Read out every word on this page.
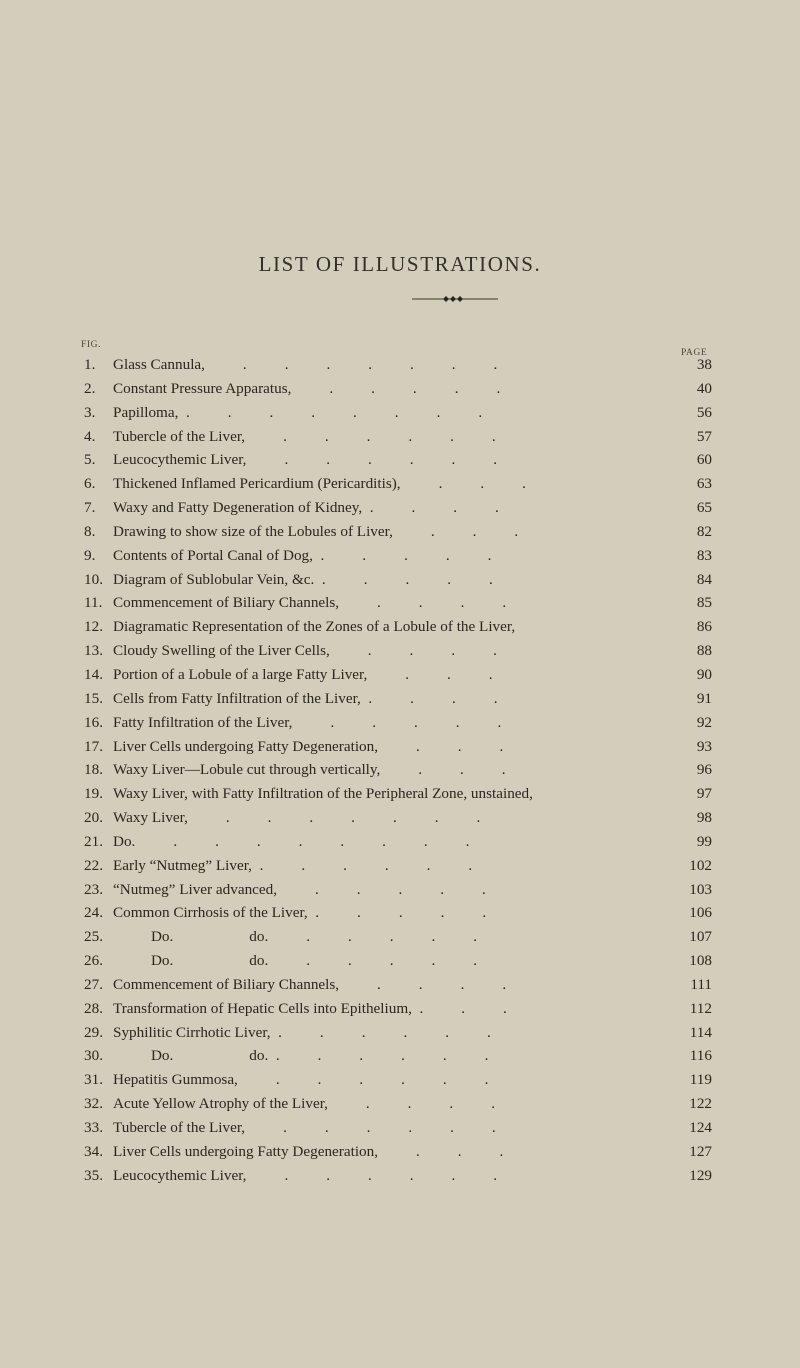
LIST OF ILLUSTRATIONS.
FIG.
PAGE
1.	Glass Cannula,          .          .          .          .          .          .          .	38
2.	Constant Pressure Apparatus,          .          .          .          .          .	40
3.	Papilloma,  .          .          .          .          .          .          .          .	56
4.	Tubercle of the Liver,          .          .          .          .          .          .	57
5.	Leucocythemic Liver,          .          .          .          .          .          .	60
6.	Thickened Inflamed Pericardium (Pericarditis),          .          .          .	63
7.	Waxy and Fatty Degeneration of Kidney,  .          .          .          .	65
8.	Drawing to show size of the Lobules of Liver,          .          .          .	82
9.	Contents of Portal Canal of Dog,  .          .          .          .          .	83
10. Diagram of Sublobular Vein, &c.  .          .          .          .          .	84
11. Commencement of Biliary Channels,          .          .          .          .	85
12. Diagramatic Representation of the Zones of a Lobule of the Liver,	86
13. Cloudy Swelling of the Liver Cells,          .          .          .          .	88
14. Portion of a Lobule of a large Fatty Liver,          .          .          .	90
15. Cells from Fatty Infiltration of the Liver,  .          .          .          .	91
16. Fatty Infiltration of the Liver,          .          .          .          .          .	92
17. Liver Cells undergoing Fatty Degeneration,          .          .          .	93
18. Waxy Liver—Lobule cut through vertically,          .          .          .	96
19. Waxy Liver, with Fatty Infiltration of the Peripheral Zone, unstained,	97
20. Waxy Liver,          .          .          .          .          .          .          .	98
21. Do.          .          .          .          .          .          .          .          .	99
22. Early “Nutmeg” Liver,  .          .          .          .          .          .	102
23. “Nutmeg” Liver advanced,          .          .          .          .          .	103
24. Common Cirrhosis of the Liver,  .          .          .          .          .	106
25. Do.                    do.          .          .          .          .          .	107
26. Do.                    do.          .          .          .          .          .	108
27. Commencement of Biliary Channels,          .          .          .          .	111
28. Transformation of Hepatic Cells into Epithelium,  .          .          .	112
29. Syphilitic Cirrhotic Liver,  .          .          .          .          .          .	114
30. Do.                    do.  .          .          .          .          .          .	116
31. Hepatitis Gummosa,          .          .          .          .          .          .	119
32. Acute Yellow Atrophy of the Liver,          .          .          .          .	122
33. Tubercle of the Liver,          .          .          .          .          .          .	124
34. Liver Cells undergoing Fatty Degeneration,          .          .          .	127
35. Leucocythemic Liver,          .          .          .          .          .          .	129
